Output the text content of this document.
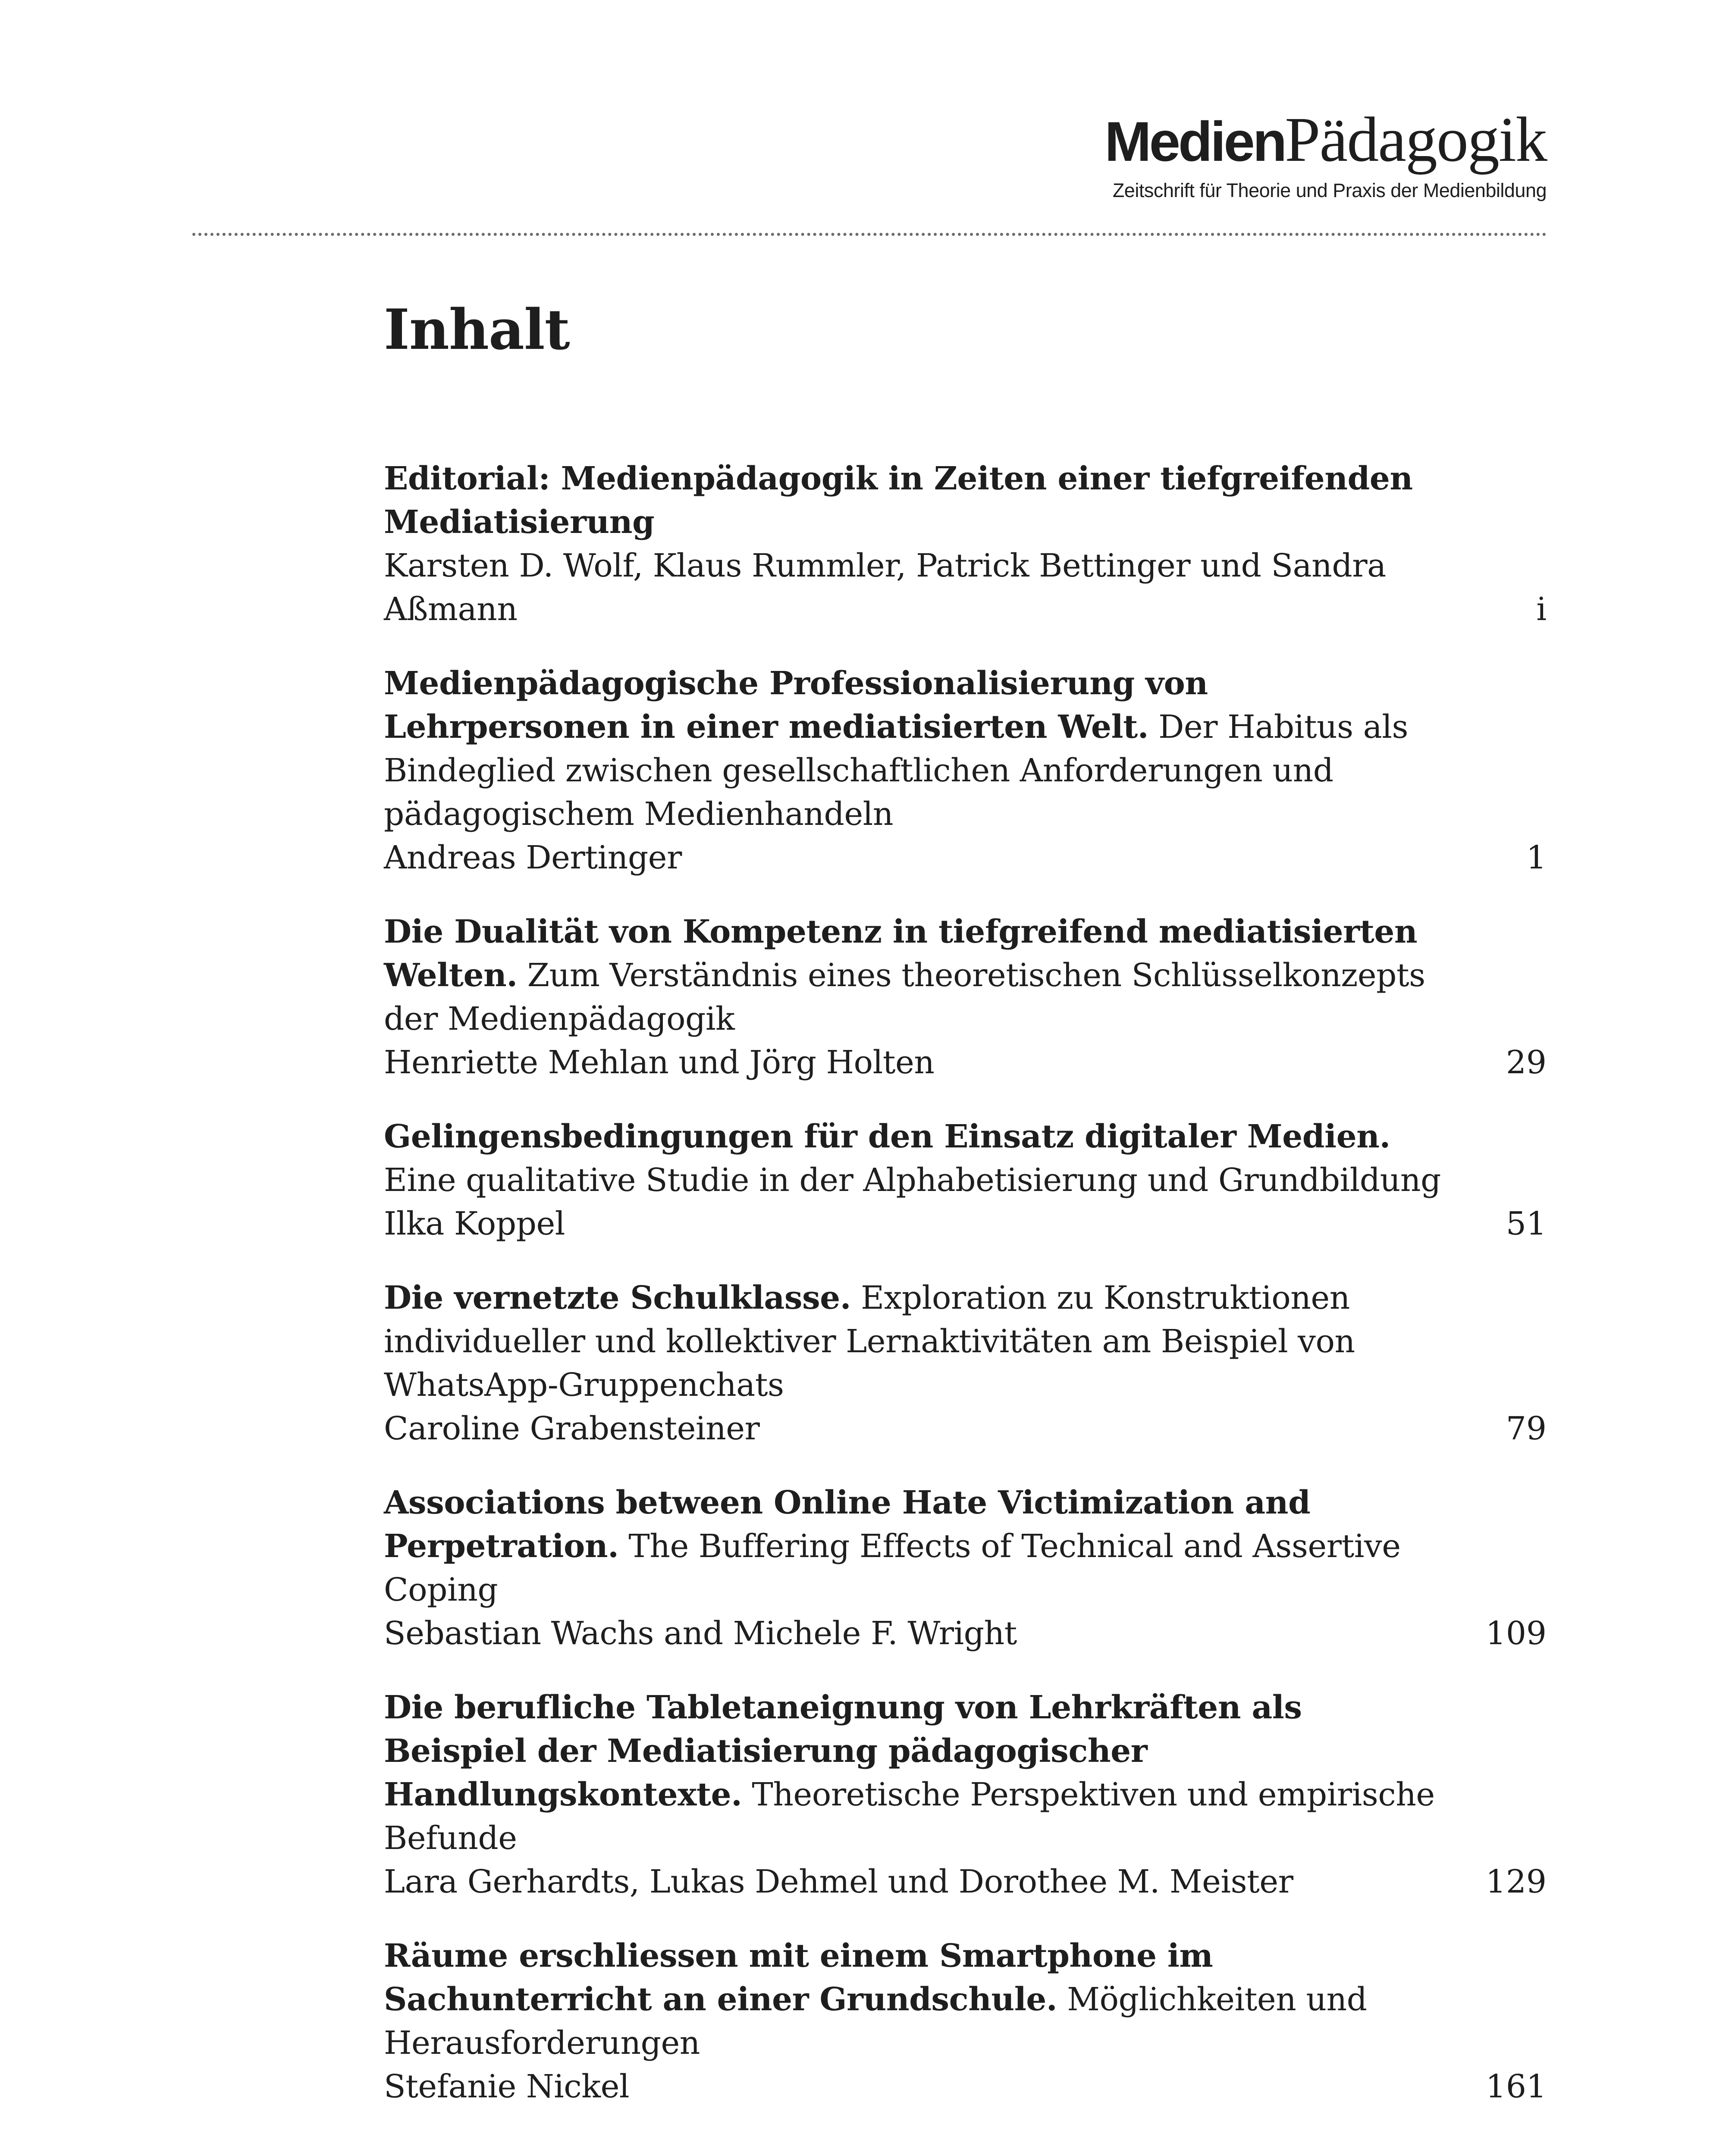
MedienPädagogik
Zeitschrift für Theorie und Praxis der Medienbildung
Inhalt
Editorial: Medienpädagogik in Zeiten einer tiefgreifenden Mediatisierung
Karsten D. Wolf, Klaus Rummler, Patrick Bettinger und Sandra Aßmann	i
Medienpädagogische Professionalisierung von Lehrpersonen in einer mediatisierten Welt. Der Habitus als Bindeglied zwischen gesellschaftlichen Anforderungen und pädagogischem Medienhandeln
Andreas Dertinger	1
Die Dualität von Kompetenz in tiefgreifend mediatisierten Welten. Zum Verständnis eines theoretischen Schlüsselkonzepts der Medienpädagogik
Henriette Mehlan und Jörg Holten	29
Gelingensbedingungen für den Einsatz digitaler Medien. Eine qualitative Studie in der Alphabetisierung und Grundbildung
Ilka Koppel	51
Die vernetzte Schulklasse. Exploration zu Konstruktionen individueller und kollektiver Lernaktivitäten am Beispiel von WhatsApp-Gruppenchats
Caroline Grabensteiner	79
Associations between Online Hate Victimization and Perpetration. The Buffering Effects of Technical and Assertive Coping
Sebastian Wachs and Michele F. Wright	109
Die berufliche Tabletaneignung von Lehrkräften als Beispiel der Mediatisierung pädagogischer Handlungskontexte. Theoretische Perspektiven und empirische Befunde
Lara Gerhardts, Lukas Dehmel und Dorothee M. Meister	129
Räume erschliessen mit einem Smartphone im Sachunterricht an einer Grundschule. Möglichkeiten und Herausforderungen
Stefanie Nickel	161
